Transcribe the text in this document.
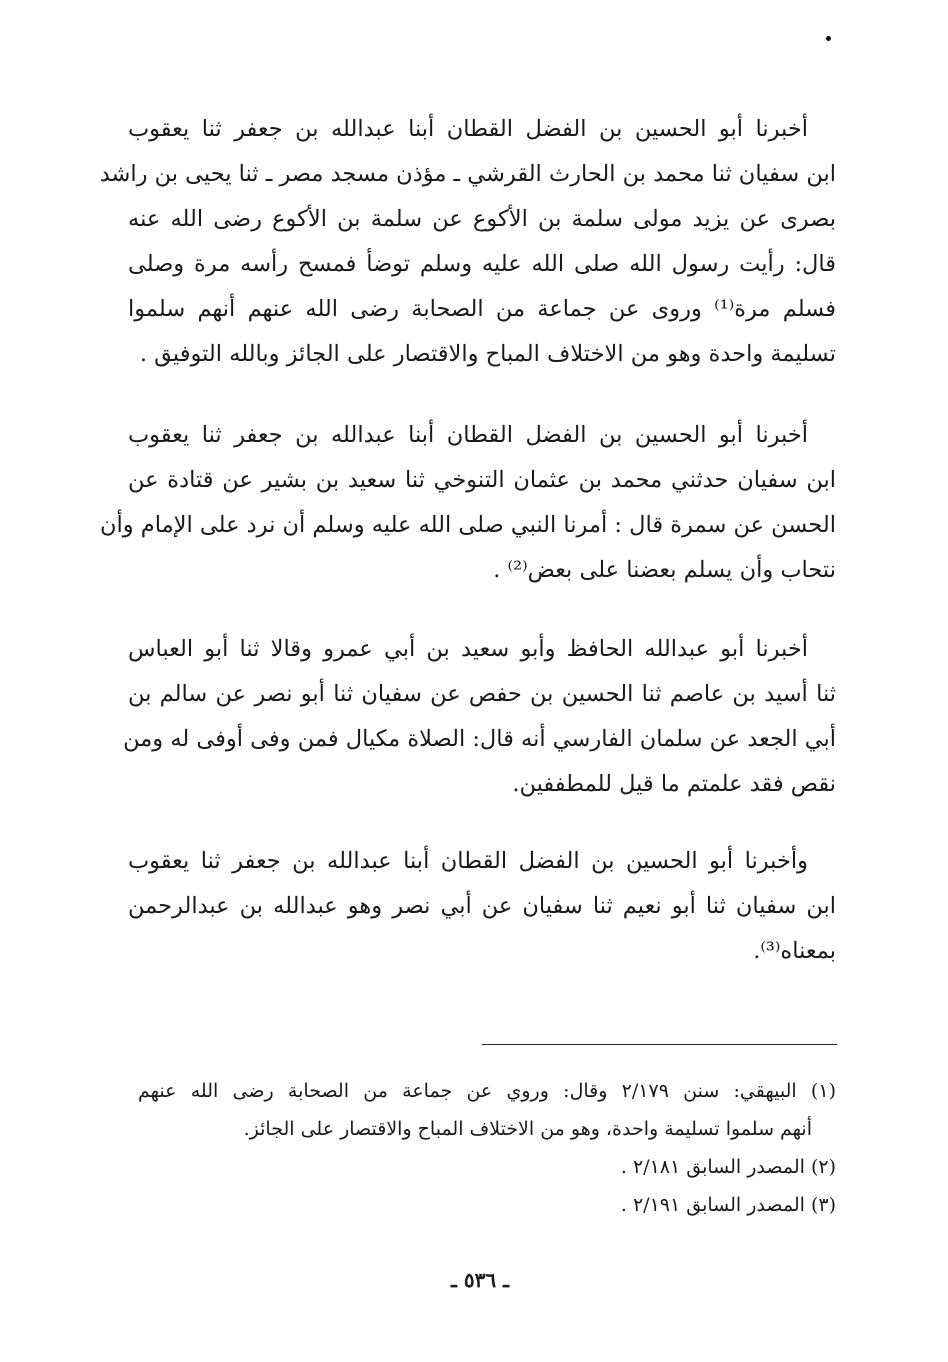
أخبرنا أبو الحسين بن الفضل القطان أبنا عبدالله بن جعفر ثنا يعقوب
ابن سفيان ثنا محمد بن الحارث القرشي ـ مؤذن مسجد مصر ـ ثنا يحيى بن راشد
بصرى عن يزيد مولى سلمة بن الأكوع عن سلمة بن الأكوع رضى الله عنه
قال: رأيت رسول الله صلى الله عليه وسلم توضأ فمسح رأسه مرة وصلى
فسلم مرة⁽¹⁾ وروى عن جماعة من الصحابة رضى الله عنهم أنهم سلموا
تسليمة واحدة وهو من الاختلاف المباح والاقتصار على الجائز وبالله التوفيق .
أخبرنا أبو الحسين بن الفضل القطان أبنا عبدالله بن جعفر ثنا يعقوب
ابن سفيان حدثني محمد بن عثمان التنوخي ثنا سعيد بن بشير عن قتادة عن
الحسن عن سمرة قال : أمرنا النبي صلى الله عليه وسلم أن نرد على الإمام وأن
نتحاب وأن يسلم بعضنا على بعض⁽²⁾ .
أخبرنا أبو عبدالله الحافظ وأبو سعيد بن أبي عمرو وقالا ثنا أبو العباس
ثنا أسيد بن عاصم ثنا الحسين بن حفص عن سفيان ثنا أبو نصر عن سالم بن
أبي الجعد عن سلمان الفارسي أنه قال: الصلاة مكيال فمن وفى أوفى له ومن
نقص فقد علمتم ما قيل للمطففين.
وأخبرنا أبو الحسين بن الفضل القطان أبنا عبدالله بن جعفر ثنا يعقوب
ابن سفيان ثنا أبو نعيم ثنا سفيان عن أبي نصر وهو عبدالله بن عبدالرحمن
بمعناه⁽³⁾.
(١) البيهقي: سنن ٢/١٧٩ وقال: وروي عن جماعة من الصحابة رضى الله عنهم
أنهم سلموا تسليمة واحدة، وهو من الاختلاف المباح والاقتصار على الجائز.
(٢) المصدر السابق ٢/١٨١ .
(٣) المصدر السابق ٢/١٩١ .
ـ ٥٣٦ ـ
